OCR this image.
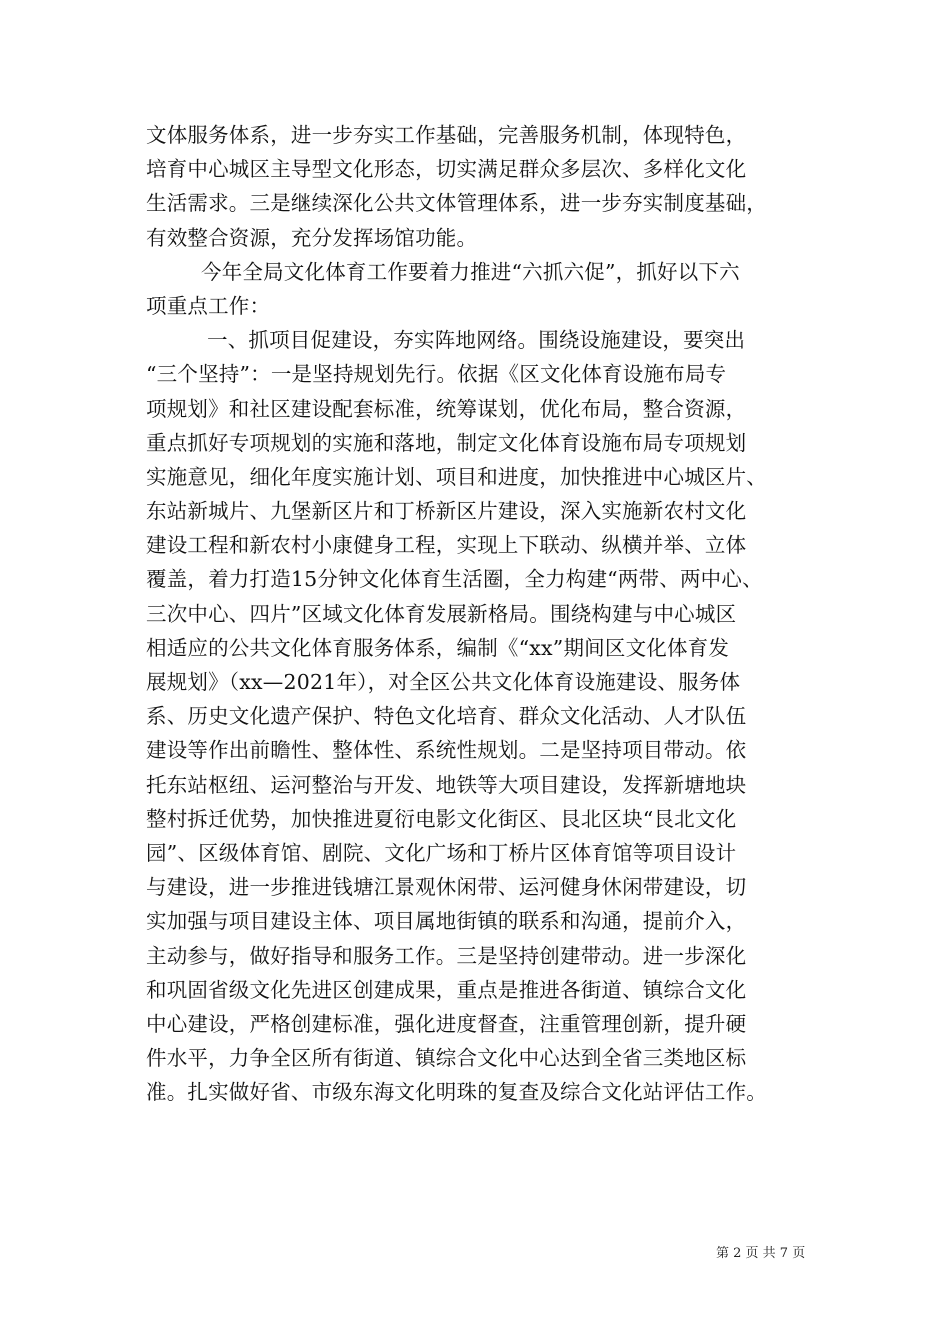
文体服务体系，进一步夯实工作基础，完善服务机制，体现特色，
培育中心城区主导型文化形态，切实满足群众多层次、多样化文化
生活需求。三是继续深化公共文体管理体系，进一步夯实制度基础，
有效整合资源，充分发挥场馆功能。
今年全局文化体育工作要着力推进“六抓六促”，抓好以下六
项重点工作：
一、抓项目促建设，夯实阵地网络。围绕设施建设，要突出
“三个坚持”：一是坚持规划先行。依据《区文化体育设施布局专
项规划》和社区建设配套标准，统筹谋划，优化布局，整合资源，
重点抓好专项规划的实施和落地，制定文化体育设施布局专项规划
实施意见，细化年度实施计划、项目和进度，加快推进中心城区片、
东站新城片、九堡新区片和丁桥新区片建设，深入实施新农村文化
建设工程和新农村小康健身工程，实现上下联动、纵横并举、立体
覆盖，着力打造15分钟文化体育生活圈，全力构建“两带、两中心、
三次中心、四片”区域文化体育发展新格局。围绕构建与中心城区
相适应的公共文化体育服务体系，编制《“xx”期间区文化体育发
展规划》（xx—2021年），对全区公共文化体育设施建设、服务体
系、历史文化遗产保护、特色文化培育、群众文化活动、人才队伍
建设等作出前瞻性、整体性、系统性规划。二是坚持项目带动。依
托东站枢纽、运河整治与开发、地铁等大项目建设，发挥新塘地块
整村拆迁优势，加快推进夏衍电影文化街区、艮北区块“艮北文化
园”、区级体育馆、剧院、文化广场和丁桥片区体育馆等项目设计
与建设，进一步推进钱塘江景观休闲带、运河健身休闲带建设，切
实加强与项目建设主体、项目属地街镇的联系和沟通，提前介入，
主动参与，做好指导和服务工作。三是坚持创建带动。进一步深化
和巩固省级文化先进区创建成果，重点是推进各街道、镇综合文化
中心建设，严格创建标准，强化进度督查，注重管理创新，提升硬
件水平，力争全区所有街道、镇综合文化中心达到全省三类地区标
准。扎实做好省、市级东海文化明珠的复查及综合文化站评估工作。
第 2 页 共 7 页
